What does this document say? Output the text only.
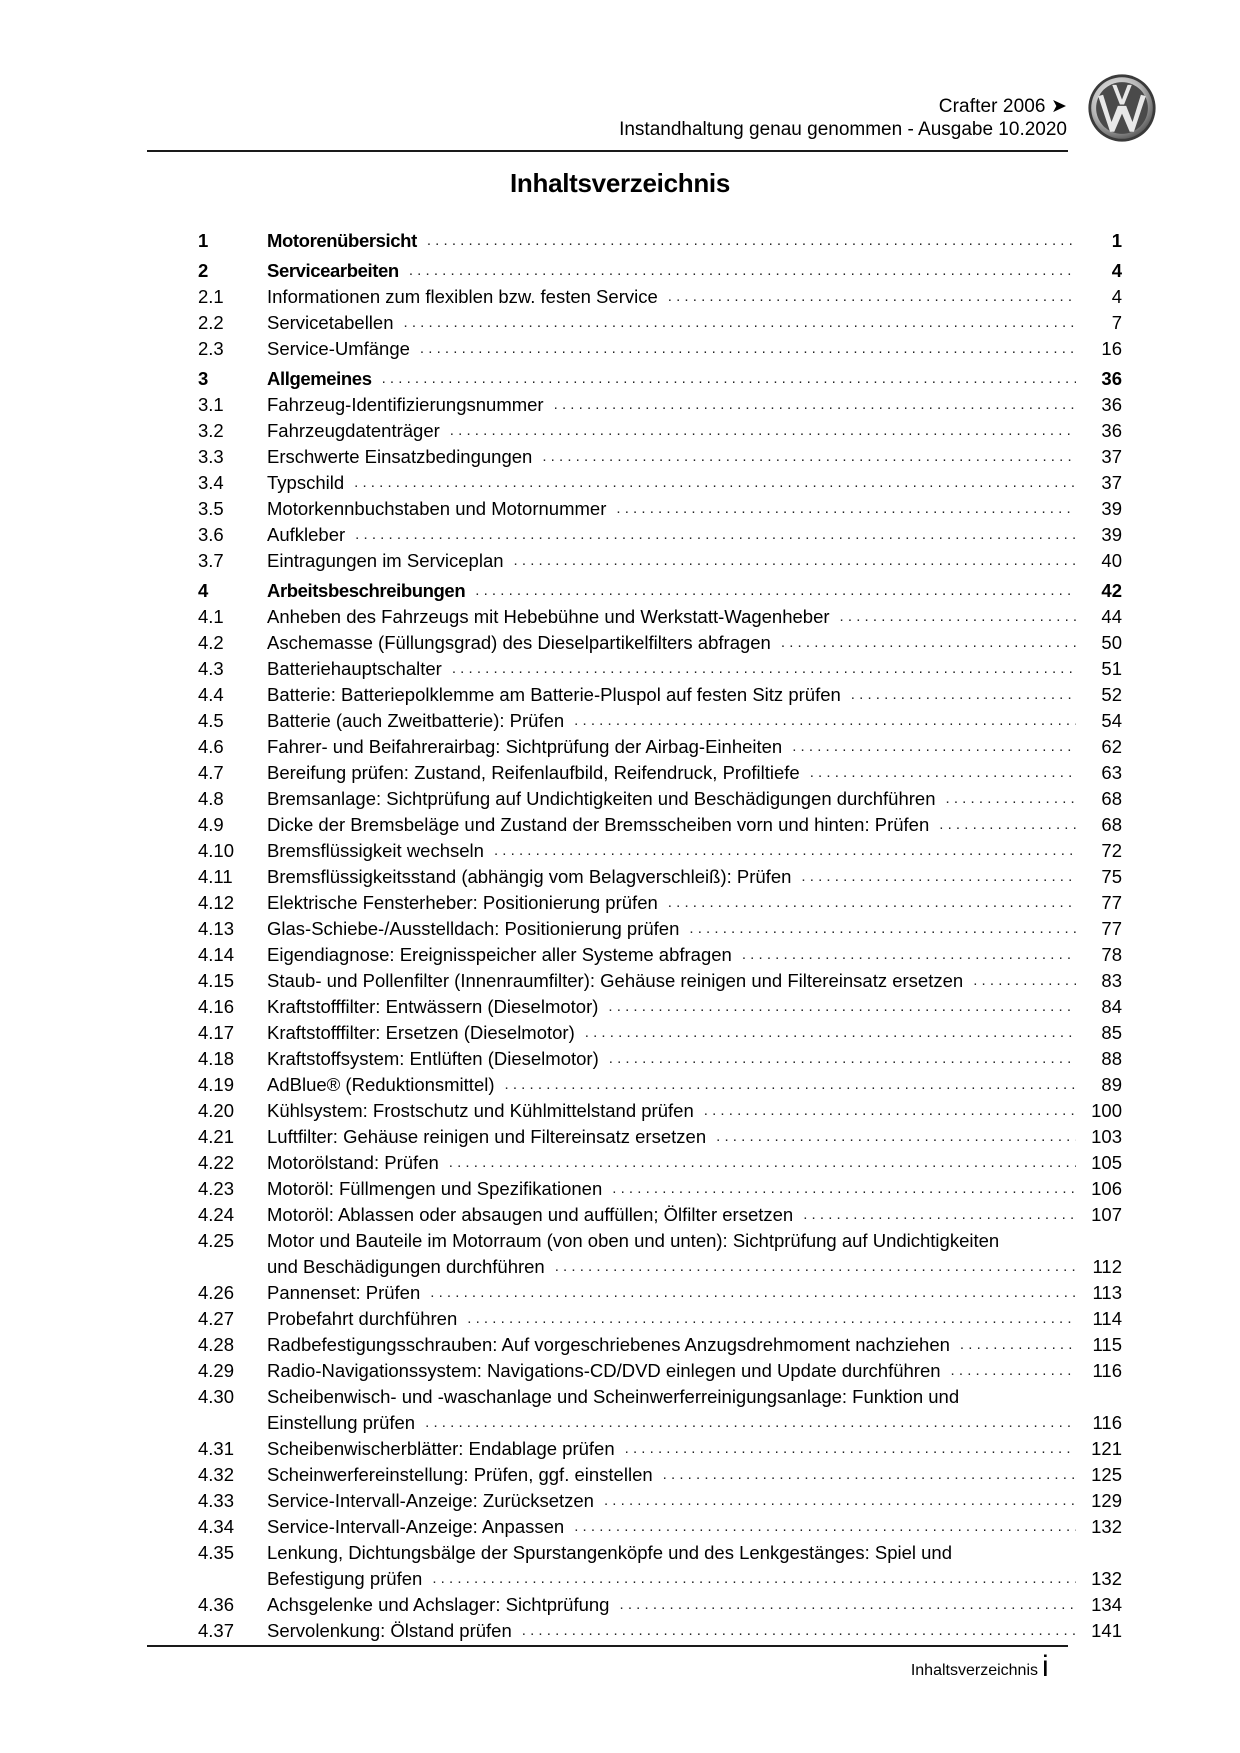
Crafter 2006 ➤
Instandhaltung genau genommen - Ausgabe 10.2020
Inhaltsverzeichnis
1	Motorenübersicht . . .	1
2	Servicearbeiten . . .	4
2.1	Informationen zum flexiblen bzw. festen Service . . .	4
2.2	Servicetabellen . . .	7
2.3	Service-Umfänge . . .	16
3	Allgemeines . . .	36
3.1	Fahrzeug-Identifizierungsnummer . . .	36
3.2	Fahrzeugdatenträger . . .	36
3.3	Erschwerte Einsatzbedingungen . . .	37
3.4	Typschild . . .	37
3.5	Motorkennbuchstaben und Motornummer . . .	39
3.6	Aufkleber . . .	39
3.7	Eintragungen im Serviceplan . . .	40
4	Arbeitsbeschreibungen . . .	42
4.1	Anheben des Fahrzeugs mit Hebebühne und Werkstatt-Wagenheber . . .	44
4.2	Aschemasse (Füllungsgrad) des Dieselpartikelfilters abfragen . . .	50
4.3	Batteriehauptschalter . . .	51
4.4	Batterie: Batteriepolklemme am Batterie-Pluspol auf festen Sitz prüfen . . .	52
4.5	Batterie (auch Zweitbatterie): Prüfen . . .	54
4.6	Fahrer- und Beifahrerairbag: Sichtprüfung der Airbag-Einheiten . . .	62
4.7	Bereifung prüfen: Zustand, Reifenlaufbild, Reifendruck, Profiltiefe . . .	63
4.8	Bremsanlage: Sichtprüfung auf Undichtigkeiten und Beschädigungen durchführen . . .	68
4.9	Dicke der Bremsbeläge und Zustand der Bremsscheiben vorn und hinten: Prüfen . . .	68
4.10	Bremsflüssigkeit wechseln . . .	72
4.11	Bremsflüssigkeitsstand (abhängig vom Belagverschleiß): Prüfen . . .	75
4.12	Elektrische Fensterheber: Positionierung prüfen . . .	77
4.13	Glas-Schiebe-/Ausstelldach: Positionierung prüfen . . .	77
4.14	Eigendiagnose: Ereignisspeicher aller Systeme abfragen . . .	78
4.15	Staub- und Pollenfilter (Innenraumfilter): Gehäuse reinigen und Filtereinsatz ersetzen . . .	83
4.16	Kraftstofffilter: Entwässern (Dieselmotor) . . .	84
4.17	Kraftstofffilter: Ersetzen (Dieselmotor) . . .	85
4.18	Kraftstoffsystem: Entlüften (Dieselmotor) . . .	88
4.19	AdBlue® (Reduktionsmittel) . . .	89
4.20	Kühlsystem: Frostschutz und Kühlmittelstand prüfen . . .	100
4.21	Luftfilter: Gehäuse reinigen und Filtereinsatz ersetzen . . .	103
4.22	Motorölstand: Prüfen . . .	105
4.23	Motoröl: Füllmengen und Spezifikationen . . .	106
4.24	Motoröl: Ablassen oder absaugen und auffüllen; Ölfilter ersetzen . . .	107
4.25	Motor und Bauteile im Motorraum (von oben und unten): Sichtprüfung auf Undichtigkeiten
und Beschädigungen durchführen . . .	112
4.26	Pannenset: Prüfen . . .	113
4.27	Probefahrt durchführen . . .	114
4.28	Radbefestigungsschrauben: Auf vorgeschriebenes Anzugsdrehmoment nachziehen . . .	115
4.29	Radio-Navigationssystem: Navigations-CD/DVD einlegen und Update durchführen . . .	116
4.30	Scheibenwisch- und -waschanlage und Scheinwerferreinigungsanlage: Funktion und
Einstellung prüfen . . .	116
4.31	Scheibenwischerblätter: Endablage prüfen . . .	121
4.32	Scheinwerfereinstellung: Prüfen, ggf. einstellen . . .	125
4.33	Service-Intervall-Anzeige: Zurücksetzen . . .	129
4.34	Service-Intervall-Anzeige: Anpassen . . .	132
4.35	Lenkung, Dichtungsbälge der Spurstangenköpfe und des Lenkgestänges: Spiel und
Befestigung prüfen . . .	132
4.36	Achsgelenke und Achslager: Sichtprüfung . . .	134
4.37	Servolenkung: Ölstand prüfen . . .	141
Inhaltsverzeichnis i
